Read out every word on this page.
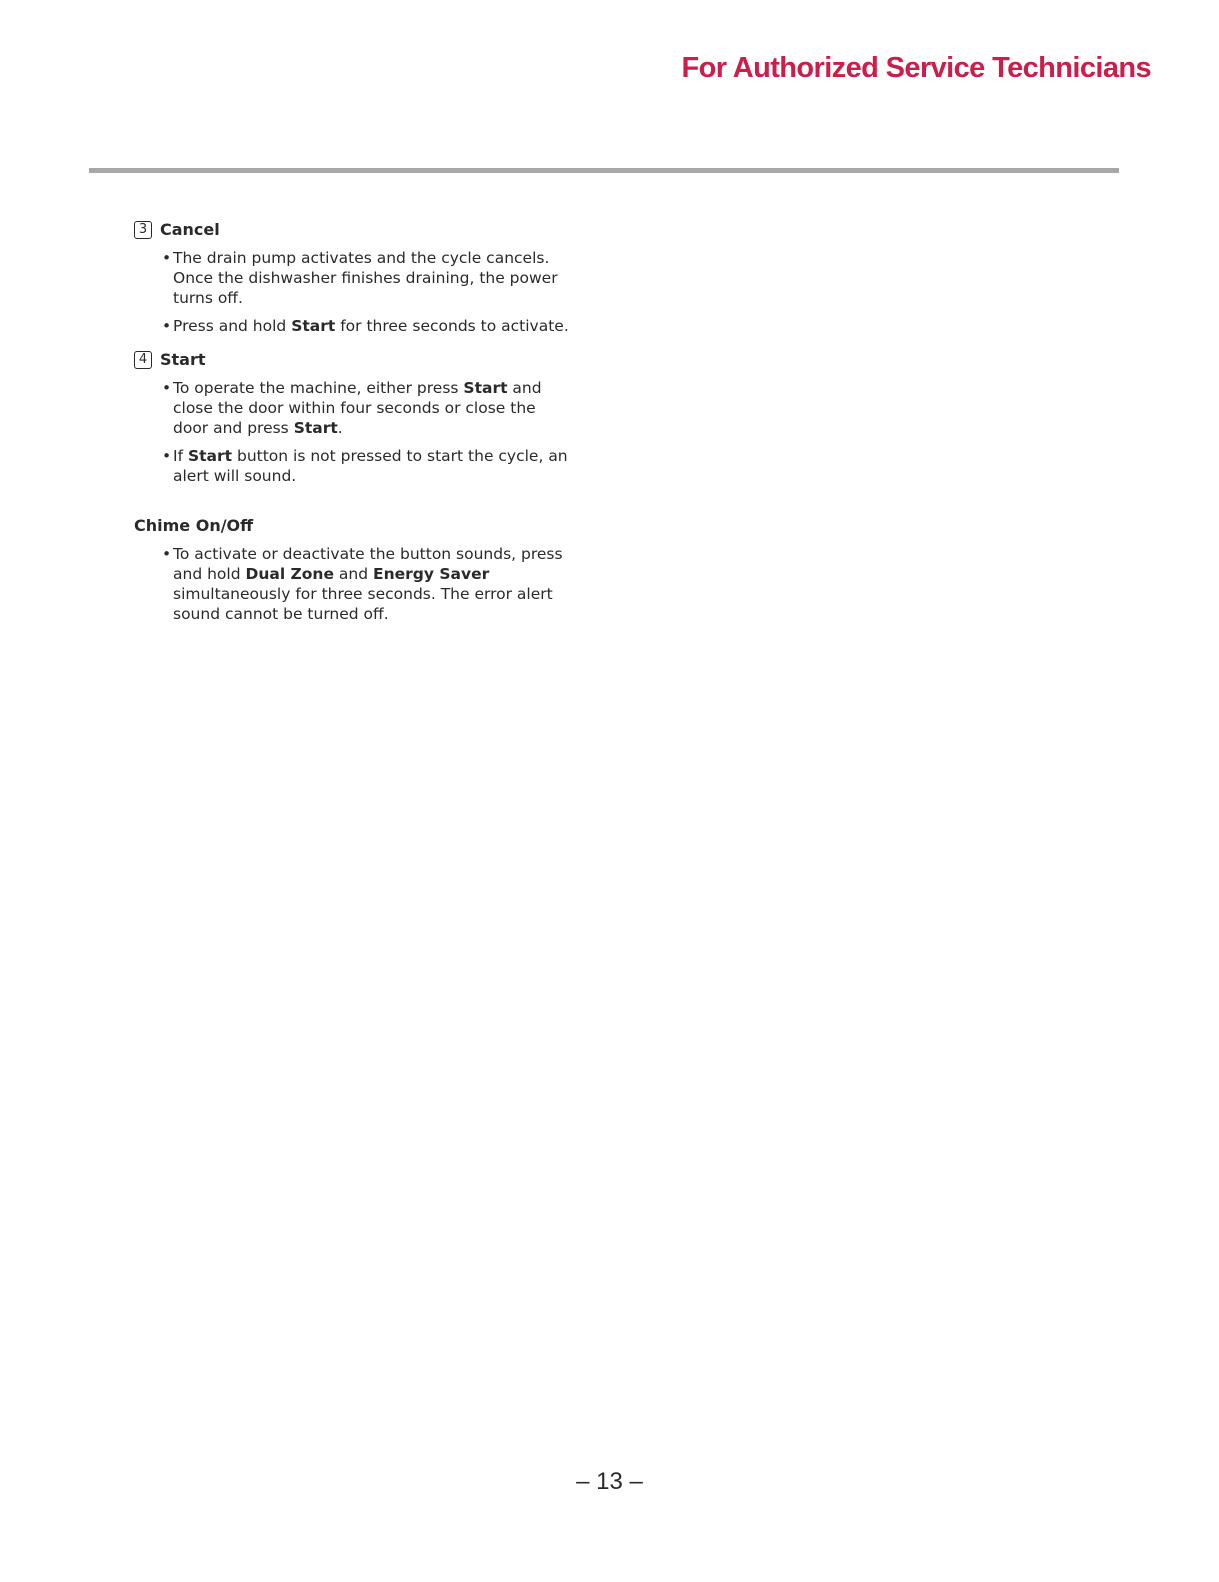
For Authorized Service Technicians
3 Cancel
• The drain pump activates and the cycle cancels. Once the dishwasher finishes draining, the power turns off.
• Press and hold Start for three seconds to activate.
4 Start
• To operate the machine, either press Start and close the door within four seconds or close the door and press Start.
• If Start button is not pressed to start the cycle, an alert will sound.
Chime On/Off
• To activate or deactivate the button sounds, press and hold Dual Zone and Energy Saver simultaneously for three seconds. The error alert sound cannot be turned off.
– 13 –
